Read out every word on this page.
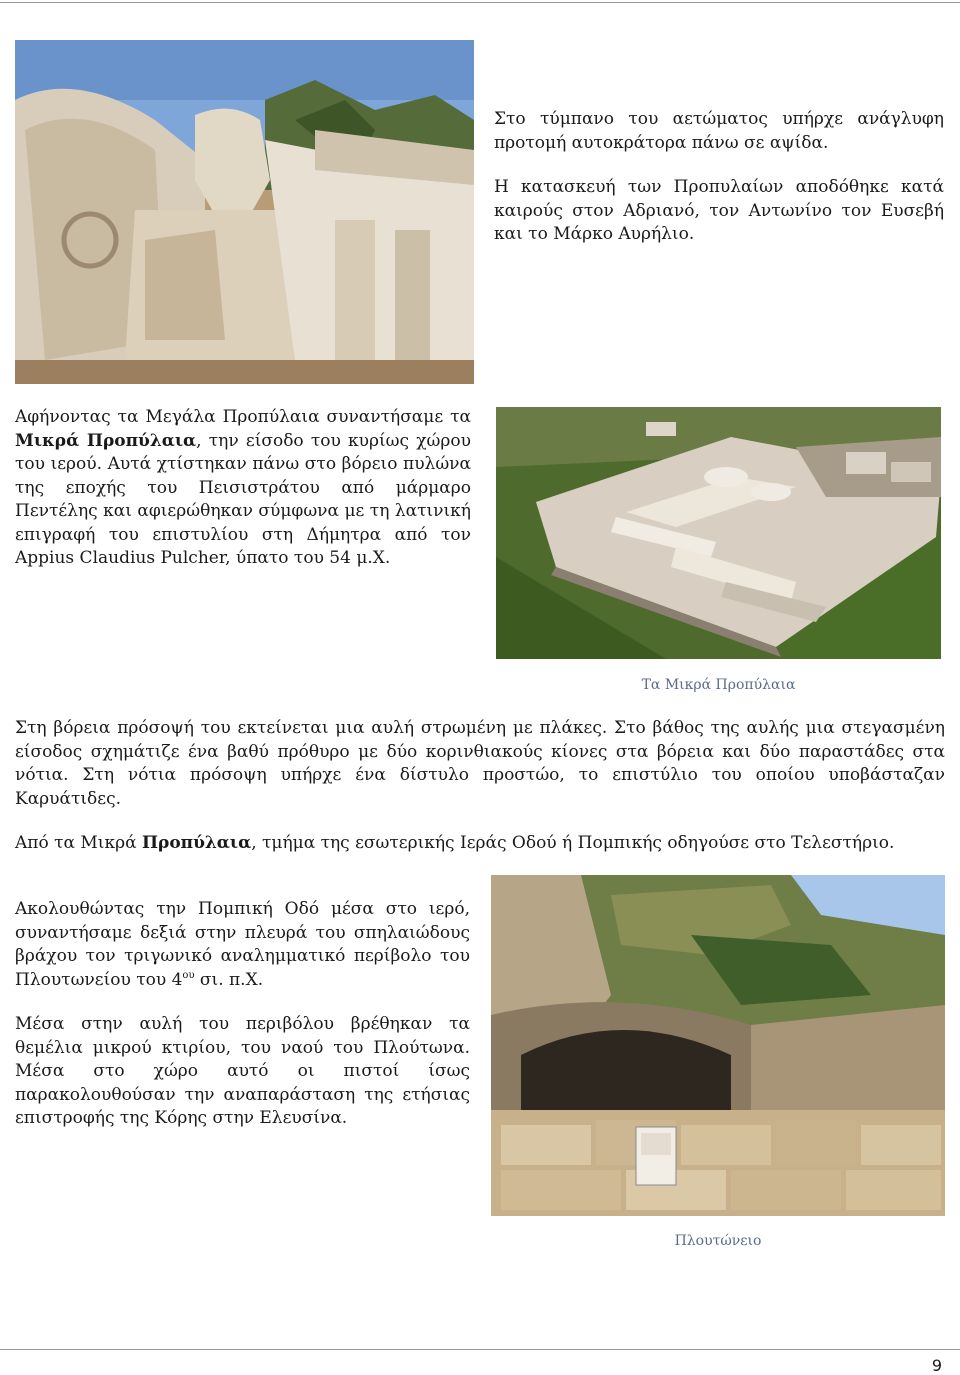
Στο τύμπανο του αετώματος υπήρχε ανάγλυφη προτομή αυτοκράτορα πάνω σε αψίδα.

Η κατασκευή των Προπυλαίων αποδόθηκε κατά καιρούς στον Αδριανό, τον Αντωνίνο τον Ευσεβή και το Μάρκο Αυρήλιο.

Αφήνοντας τα Μεγάλα Προπύλαια συναντήσαμε τα Μικρά Προπύλαια, την είσοδο του κυρίως χώρου του ιερού. Αυτά χτίστηκαν πάνω στο βόρειο πυλώνα της εποχής του Πεισιστράτου από μάρμαρο Πεντέλης και αφιερώθηκαν σύμφωνα με τη λατινική επιγραφή του επιστυλίου στη Δήμητρα από τον Appius Claudius Pulcher, ύπατο του 54 μ.Χ.

Τα Μικρά Προπύλαια

Στη βόρεια πρόσοψή του εκτείνεται μια αυλή στρωμένη με πλάκες. Στο βάθος της αυλής μια στεγασμένη είσοδος σχημάτιζε ένα βαθύ πρόθυρο με δύο κορινθιακούς κίονες στα βόρεια και δύο παραστάδες στα νότια. Στη νότια πρόσοψη υπήρχε ένα δίστυλο προστώο, το επιστύλιο του οποίου υποβάσταζαν Καρυάτιδες.

Από τα Μικρά Προπύλαια, τμήμα της εσωτερικής Ιεράς Οδού ή Πομπικής οδηγούσε στο Τελεστήριο.

Ακολουθώντας την Πομπική Οδό μέσα στο ιερό, συναντήσαμε δεξιά στην πλευρά του σπηλαιώδους βράχου τον τριγωνικό αναλημματικό περίβολο του Πλουτωνείου του $4^{o\upsilon}$ σι. π.Χ.

Μέσα στην αυλή του περιβόλου βρέθηκαν τα θεμέλια μικρού κτιρίου, του ναού του Πλούτωνα. Μέσα στο χώρο αυτό οι πιστοί ίσως παρακολουθούσαν την αναπαράσταση της ετήσιας επιστροφής της Κόρης στην Ελευσίνα.

Πλουτώνειο
9
